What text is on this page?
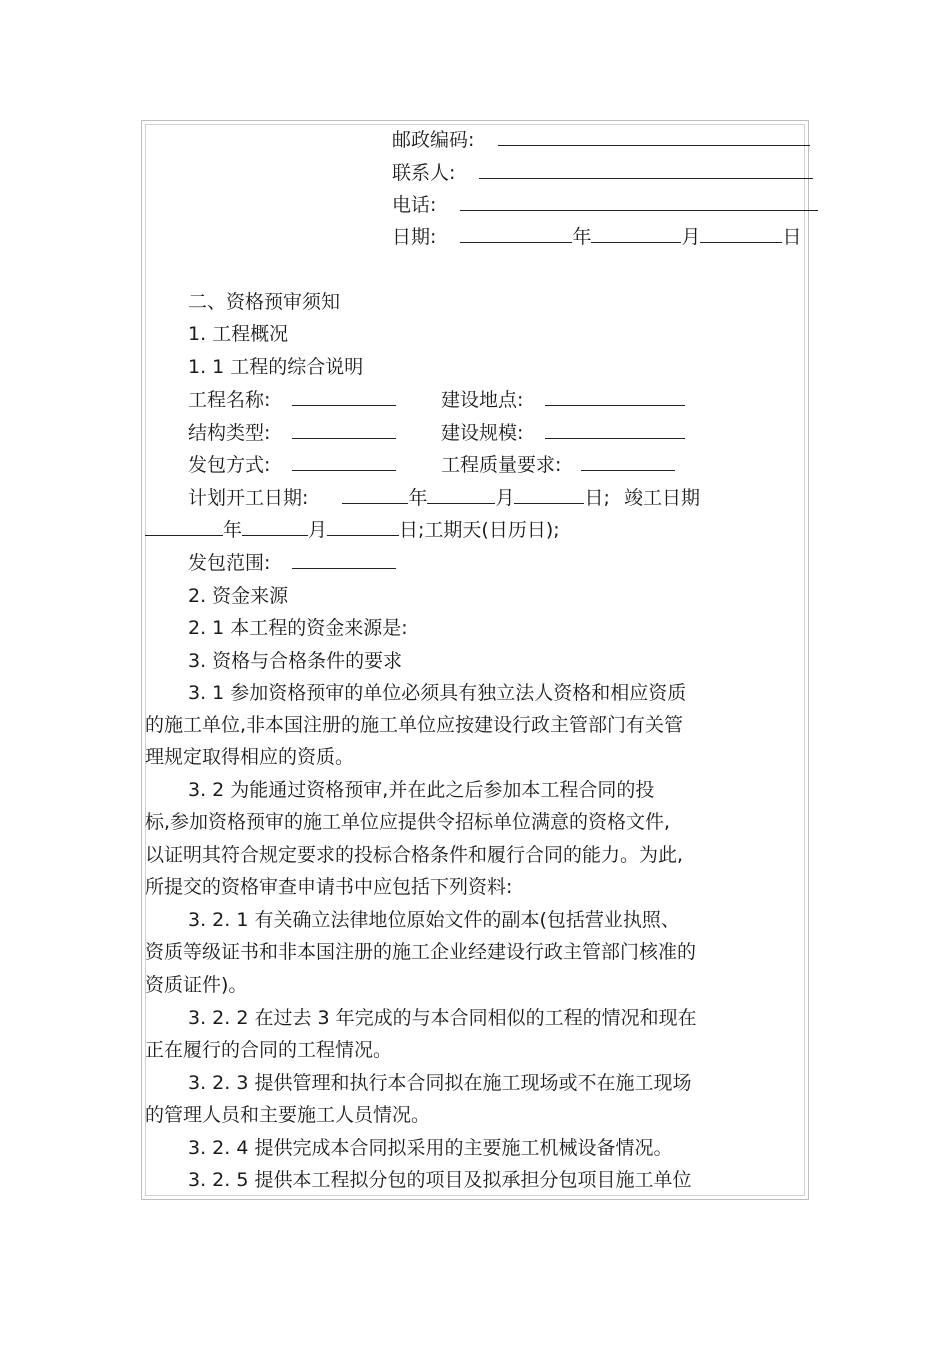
邮政编码:
联系人:
电话:
日期:	年	月	日
二、资格预审须知
1. 工程概况
1. 1 工程的综合说明
工程名称:	建设地点:
结构类型:	建设规模:
发包方式:	工程质量要求:
计划开工日期:	年	月	日; 竣工日期
年	月	日;工期天(日历日);
发包范围:
2. 资金来源
2. 1 本工程的资金来源是:
3. 资格与合格条件的要求
3. 1 参加资格预审的单位必须具有独立法人资格和相应资质
的施工单位,非本国注册的施工单位应按建设行政主管部门有关管
理规定取得相应的资质。
3. 2 为能通过资格预审,并在此之后参加本工程合同的投
标,参加资格预审的施工单位应提供令招标单位满意的资格文件,
以证明其符合规定要求的投标合格条件和履行合同的能力。为此,
所提交的资格审查申请书中应包括下列资料:
3. 2. 1 有关确立法律地位原始文件的副本(包括营业执照、
资质等级证书和非本国注册的施工企业经建设行政主管部门核准的
资质证件)。
3. 2. 2 在过去 3 年完成的与本合同相似的工程的情况和现在
正在履行的合同的工程情况。
3. 2. 3 提供管理和执行本合同拟在施工现场或不在施工现场
的管理人员和主要施工人员情况。
3. 2. 4 提供完成本合同拟采用的主要施工机械设备情况。
3. 2. 5 提供本工程拟分包的项目及拟承担分包项目施工单位
